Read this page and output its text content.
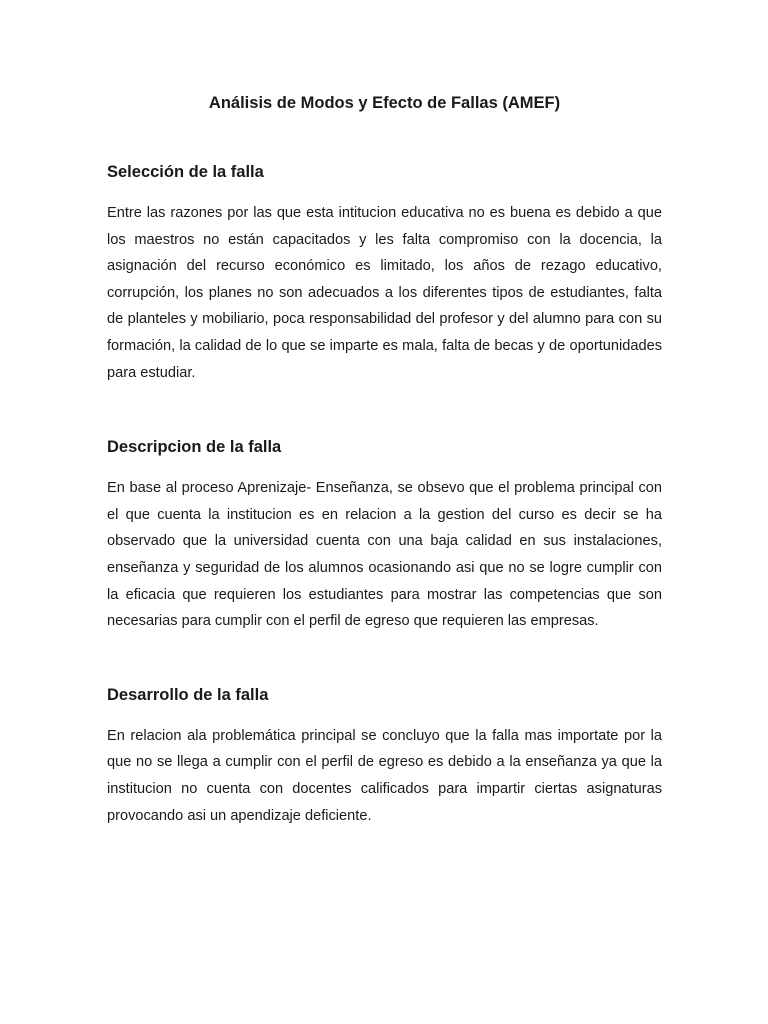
Análisis de Modos y Efecto de Fallas (AMEF)
Selección de la falla

Entre las razones por las que esta intitucion educativa no es buena es debido a que los maestros no están capacitados y les falta compromiso con la docencia, la asignación del recurso económico es limitado, los años de rezago educativo, corrupción, los planes no son adecuados a los diferentes tipos de estudiantes, falta de planteles y mobiliario, poca responsabilidad del profesor y del alumno para con su formación, la calidad de lo que se imparte es mala, falta de becas y de oportunidades para estudiar.

Descripcion de la falla

En base al proceso Aprenizaje- Enseñanza, se obsevo que el problema principal con el que cuenta la institucion es en relacion a la gestion del curso es decir se ha observado que la universidad cuenta con una baja calidad en sus instalaciones, enseñanza y seguridad de los alumnos ocasionando asi que no se logre cumplir con la eficacia que requieren los estudiantes para mostrar las competencias que son necesarias para cumplir con el perfil de egreso que requieren las empresas.

Desarrollo de la falla

En relacion ala problemática principal se concluyo que la falla mas importate por la que no se llega a cumplir con el perfil de egreso es debido a la enseñanza ya que la institucion no cuenta con docentes calificados para impartir ciertas asignaturas provocando asi un apendizaje deficiente.
